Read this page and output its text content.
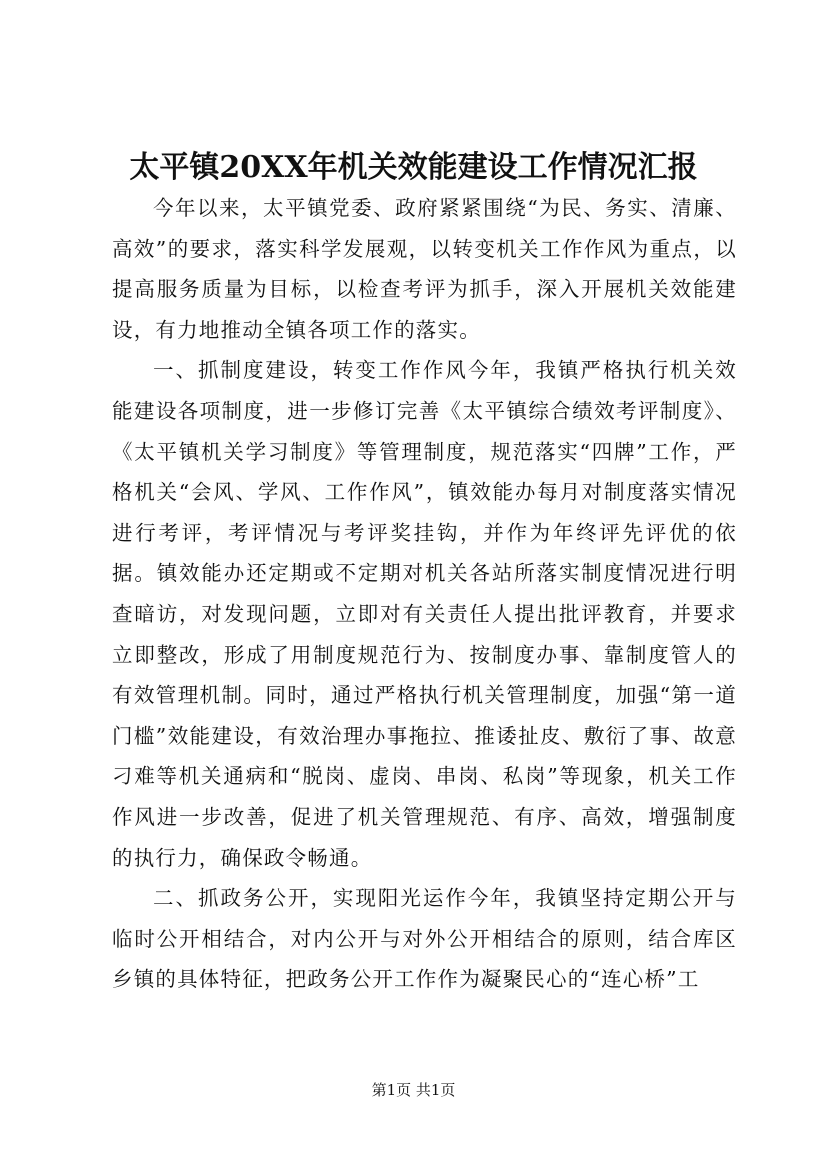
太平镇20XX年机关效能建设工作情况汇报

今年以来，太平镇党委、政府紧紧围绕“为民、务实、清廉、高效”的要求，落实科学发展观，以转变机关工作作风为重点，以提高服务质量为目标，以检查考评为抓手，深入开展机关效能建设，有力地推动全镇各项工作的落实。

一、抓制度建设，转变工作作风今年，我镇严格执行机关效能建设各项制度，进一步修订完善《太平镇综合绩效考评制度》、《太平镇机关学习制度》等管理制度，规范落实“四牌”工作，严格机关“会风、学风、工作作风”，镇效能办每月对制度落实情况进行考评，考评情况与考评奖挂钩，并作为年终评先评优的依据。镇效能办还定期或不定期对机关各站所落实制度情况进行明查暗访，对发现问题，立即对有关责任人提出批评教育，并要求立即整改，形成了用制度规范行为、按制度办事、靠制度管人的有效管理机制。同时，通过严格执行机关管理制度，加强“第一道门槛”效能建设，有效治理办事拖拉、推诿扯皮、敷衍了事、故意刁难等机关通病和“脱岗、虚岗、串岗、私岗”等现象，机关工作作风进一步改善，促进了机关管理规范、有序、高效，增强制度的执行力，确保政令畅通。

二、抓政务公开，实现阳光运作今年，我镇坚持定期公开与临时公开相结合，对内公开与对外公开相结合的原则，结合库区乡镇的具体特征，把政务公开工作作为凝聚民心的“连心桥”工

第1页 共1页
